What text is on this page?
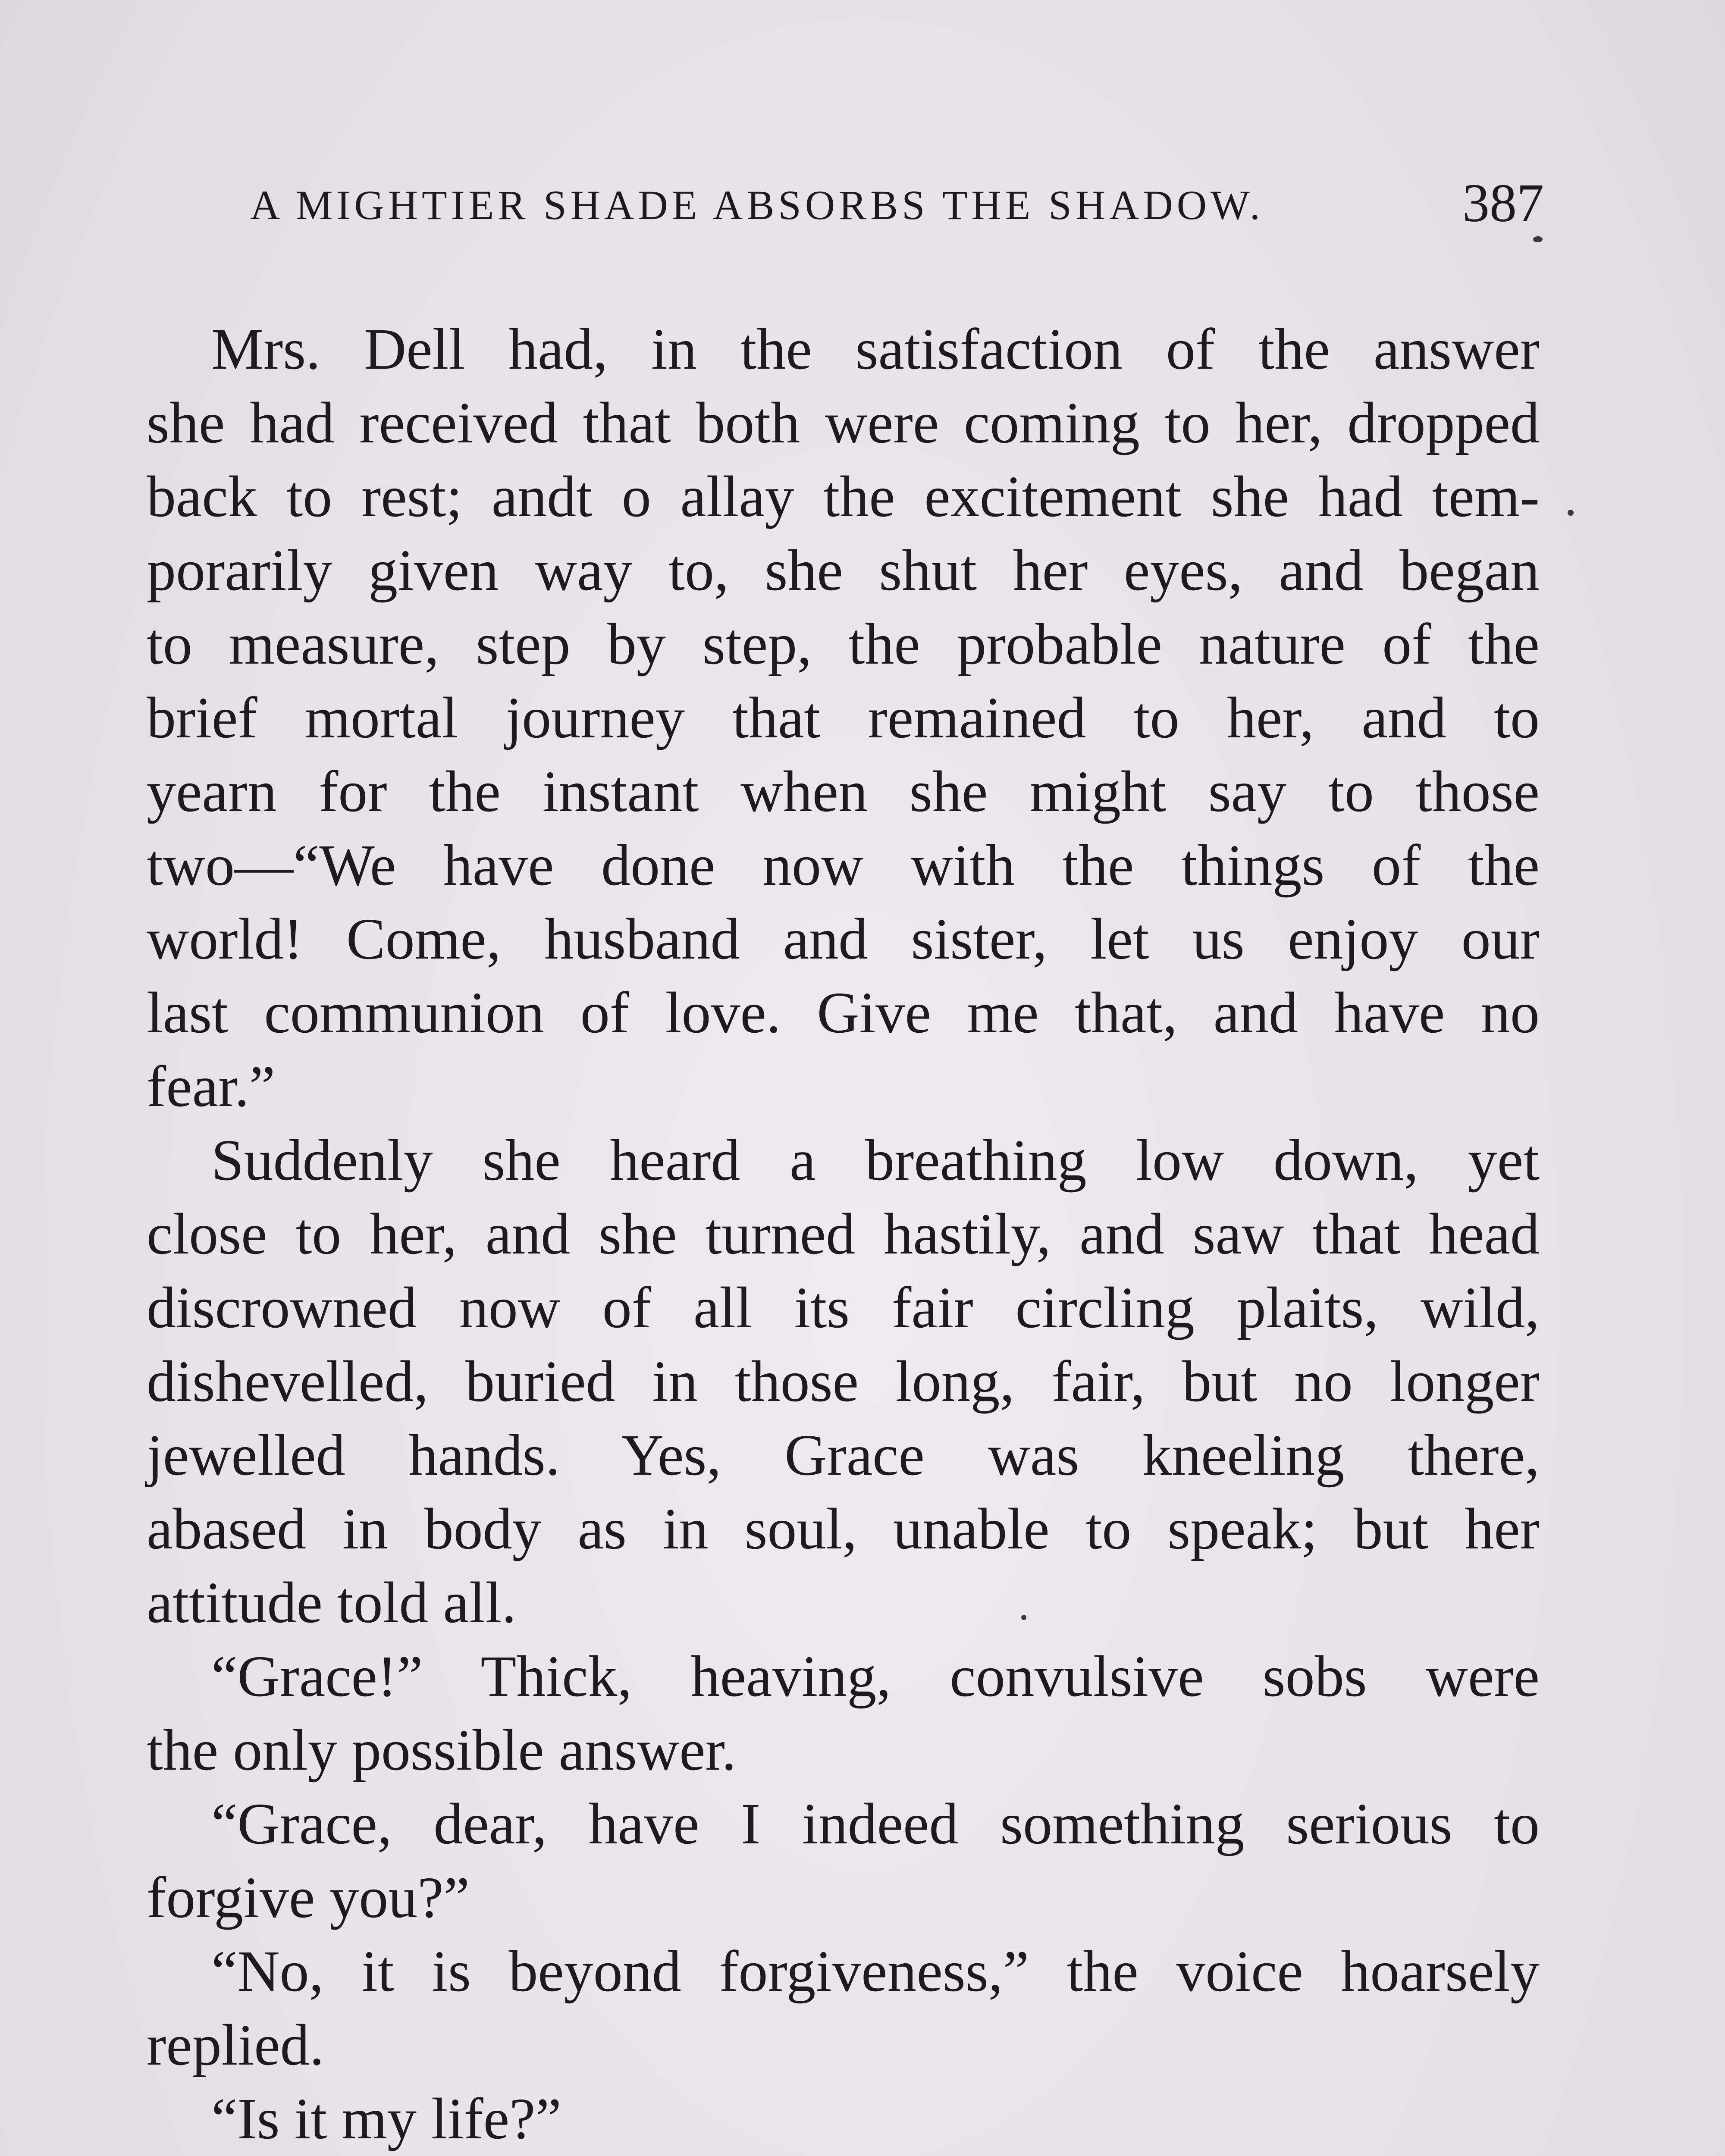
A MIGHTIER SHADE ABSORBS THE SHADOW.	387
Mrs. Dell had, in the satisfaction of the answer
she had received that both were coming to her, dropped
back to rest; andt o allay the excitement she had tem-
porarily given way to, she shut her eyes, and began
to measure, step by step, the probable nature of the
brief mortal journey that remained to her, and to
yearn for the instant when she might say to those
two—“We have done now with the things of the
world! Come, husband and sister, let us enjoy our
last communion of love. Give me that, and have no
fear.”
Suddenly she heard a breathing low down, yet
close to her, and she turned hastily, and saw that head
discrowned now of all its fair circling plaits, wild,
dishevelled, buried in those long, fair, but no longer
jewelled hands. Yes, Grace was kneeling there,
abased in body as in soul, unable to speak; but her
attitude told all.
“Grace!” Thick, heaving, convulsive sobs were
the only possible answer.
“Grace, dear, have I indeed something serious to
forgive you?”
“No, it is beyond forgiveness,” the voice hoarsely
replied.
“Is it my life?”
